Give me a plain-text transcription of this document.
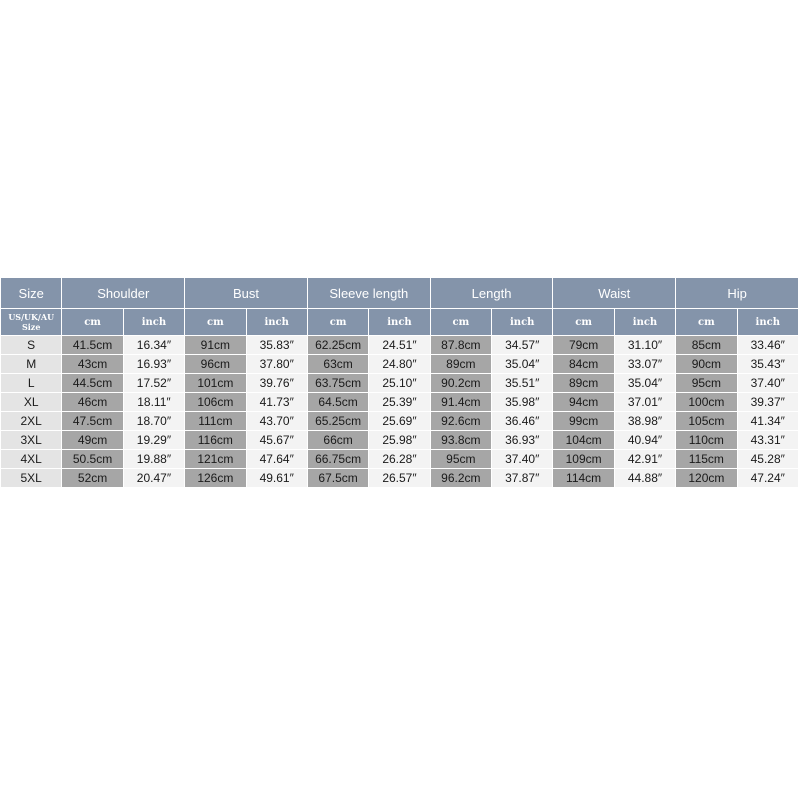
Size	Shoulder		Bust		Sleeve length		Length		Waist		Hip	
US/UK/AU Size	cm	inch	cm	inch	cm	inch	cm	inch	cm	inch	cm	inch
S	41.5cm	16.34″	91cm	35.83″	62.25cm	24.51″	87.8cm	34.57″	79cm	31.10″	85cm	33.46″
M	43cm	16.93″	96cm	37.80″	63cm	24.80″	89cm	35.04″	84cm	33.07″	90cm	35.43″
L	44.5cm	17.52″	101cm	39.76″	63.75cm	25.10″	90.2cm	35.51″	89cm	35.04″	95cm	37.40″
XL	46cm	18.11″	106cm	41.73″	64.5cm	25.39″	91.4cm	35.98″	94cm	37.01″	100cm	39.37″
2XL	47.5cm	18.70″	111cm	43.70″	65.25cm	25.69″	92.6cm	36.46″	99cm	38.98″	105cm	41.34″
3XL	49cm	19.29″	116cm	45.67″	66cm	25.98″	93.8cm	36.93″	104cm	40.94″	110cm	43.31″
4XL	50.5cm	19.88″	121cm	47.64″	66.75cm	26.28″	95cm	37.40″	109cm	42.91″	115cm	45.28″
5XL	52cm	20.47″	126cm	49.61″	67.5cm	26.57″	96.2cm	37.87″	114cm	44.88″	120cm	47.24″
